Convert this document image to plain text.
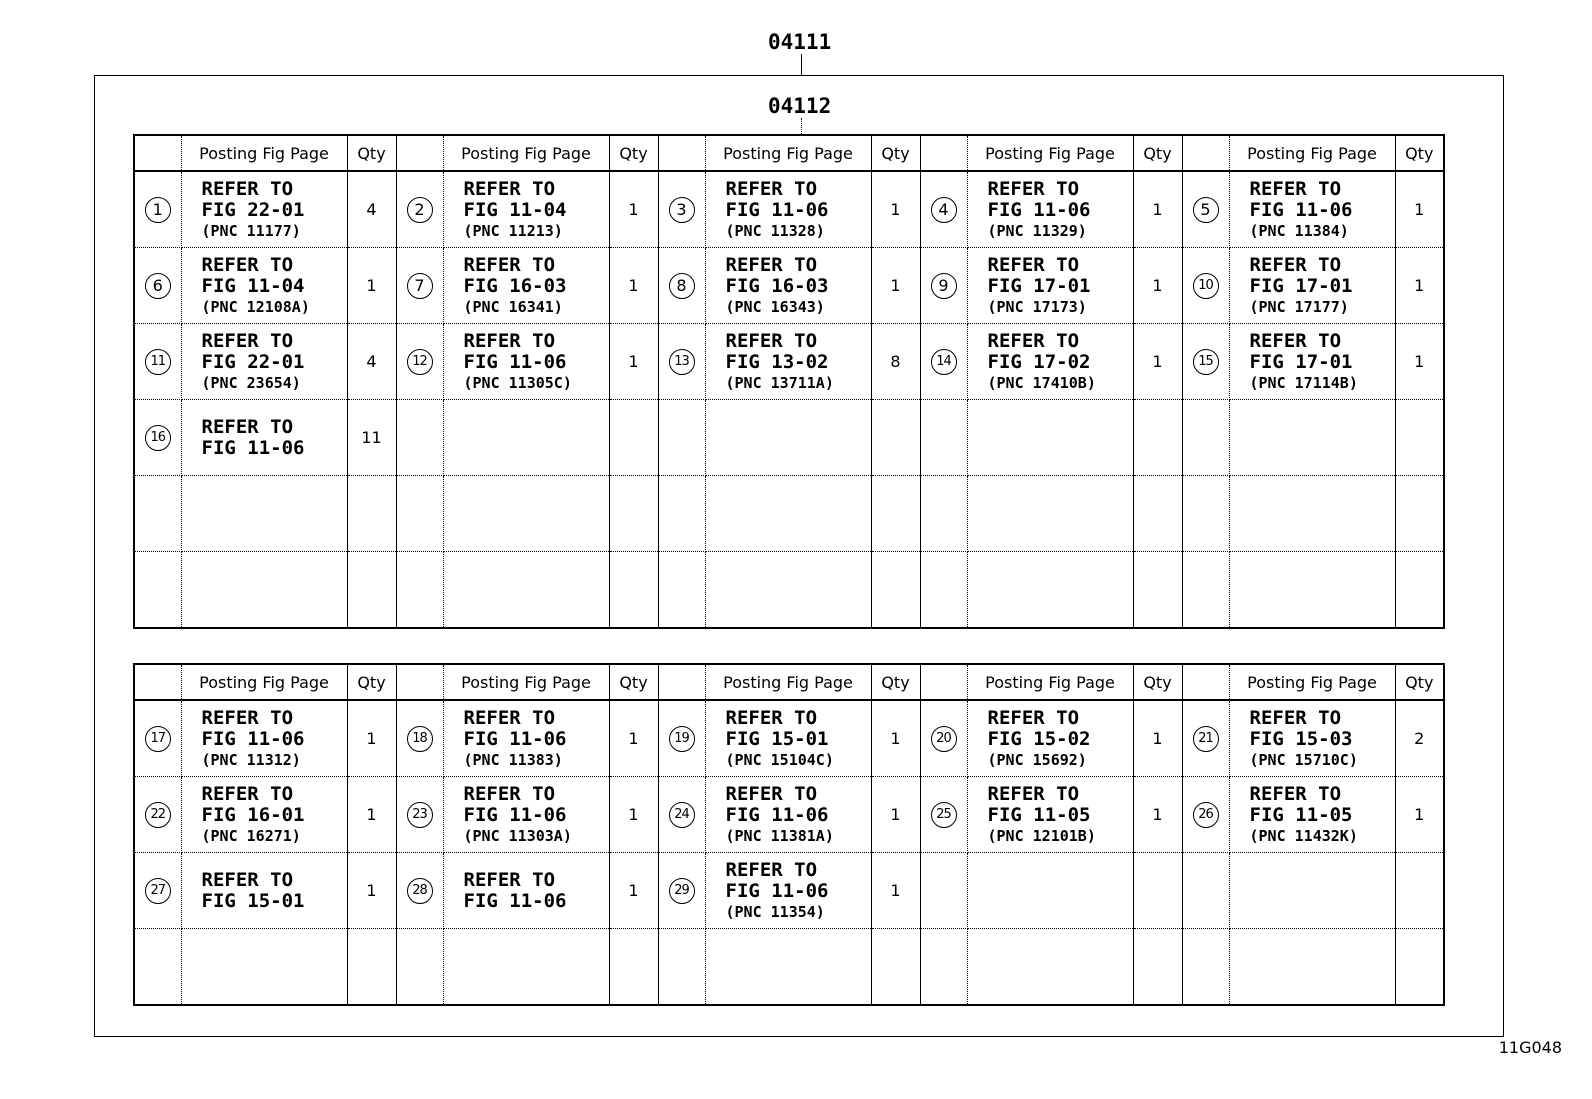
04111
04112
	Posting Fig Page	Qty		Posting Fig Page	Qty		Posting Fig Page	Qty		Posting Fig Page	Qty		Posting Fig Page	Qty
1	REFER TO
FIG 22-01
(PNC 11177)	4	2	REFER TO
FIG 11-04
(PNC 11213)	1	3	REFER TO
FIG 11-06
(PNC 11328)	1	4	REFER TO
FIG 11-06
(PNC 11329)	1	5	REFER TO
FIG 11-06
(PNC 11384)	1
6	REFER TO
FIG 11-04
(PNC 12108A)	1	7	REFER TO
FIG 16-03
(PNC 16341)	1	8	REFER TO
FIG 16-03
(PNC 16343)	1	9	REFER TO
FIG 17-01
(PNC 17173)	1	10	REFER TO
FIG 17-01
(PNC 17177)	1
11	REFER TO
FIG 22-01
(PNC 23654)	4	12	REFER TO
FIG 11-06
(PNC 11305C)	1	13	REFER TO
FIG 13-02
(PNC 13711A)	8	14	REFER TO
FIG 17-02
(PNC 17410B)	1	15	REFER TO
FIG 17-01
(PNC 17114B)	1
16	REFER TO
FIG 11-06	11												

	Posting Fig Page	Qty		Posting Fig Page	Qty		Posting Fig Page	Qty		Posting Fig Page	Qty		Posting Fig Page	Qty
17	REFER TO
FIG 11-06
(PNC 11312)	1	18	REFER TO
FIG 11-06
(PNC 11383)	1	19	REFER TO
FIG 15-01
(PNC 15104C)	1	20	REFER TO
FIG 15-02
(PNC 15692)	1	21	REFER TO
FIG 15-03
(PNC 15710C)	2
22	REFER TO
FIG 16-01
(PNC 16271)	1	23	REFER TO
FIG 11-06
(PNC 11303A)	1	24	REFER TO
FIG 11-06
(PNC 11381A)	1	25	REFER TO
FIG 11-05
(PNC 12101B)	1	26	REFER TO
FIG 11-05
(PNC 11432K)	1
27	REFER TO
FIG 15-01	1	28	REFER TO
FIG 11-06	1	29	REFER TO
FIG 11-06
(PNC 11354)	1						

11G048
